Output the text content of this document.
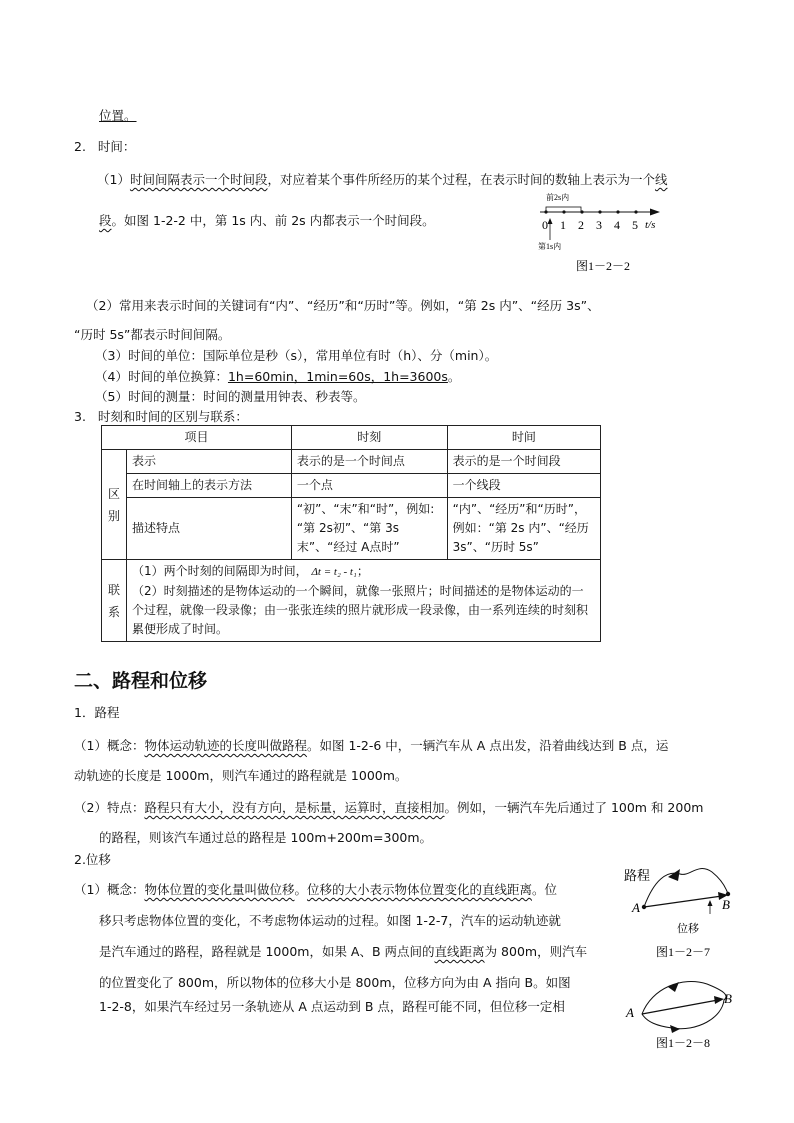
位置。
2. 时间：
（1）时间间隔表示一个时间段，对应着某个事件所经历的某个过程，在表示时间的数轴上表示为一个线
段。如图 1-2-2 中，第 1s 内、前 2s 内都表示一个时间段。
前2s内
0 1 2 3 4 5 t/s
第1s内
图1－2－2
（2）常用来表示时间的关键词有“内”、“经历”和“历时”等。例如，“第 2s 内”、“经历 3s”、
“历时 5s”都表示时间间隔。
（3）时间的单位：国际单位是秒（s），常用单位有时（h）、分（min）。
（4）时间的单位换算：1h=60min，1min=60s，1h=3600s。
（5）时间的测量：时间的测量用钟表、秒表等。
3. 时刻和时间的区别与联系：
项目		时刻	时间
区别	表示	表示的是一个时间点	表示的是一个时间段
	在时间轴上的表示方法	一个点	一个线段
	描述特点	“初”、“末”和“时”，例如: “第 2s初”、“第 3s末”、“经过 A点时”	“内”、“经历”和“历时”，例如：“第 2s 内”、“经历 3s”、“历时 5s”
联系	（1）两个时刻的间隔即为时间， Δt = t₂ - t₁；
（2）时刻描述的是物体运动的一个瞬间，就像一张照片；时间描述的是物体运动的一个过程，就像一段录像；由一张张连续的照片就形成一段录像，由一系列连续的时刻积累便形成了时间。		
二、路程和位移
1．路程
（1）概念：物体运动轨迹的长度叫做路程。如图 1-2-6 中，一辆汽车从 A 点出发，沿着曲线达到 B 点，运
动轨迹的长度是 1000m，则汽车通过的路程就是 1000m。
（2）特点：路程只有大小，没有方向，是标量，运算时，直接相加。例如，一辆汽车先后通过了 100m 和 200m
的路程，则该汽车通过总的路程是 100m+200m=300m。
2.位移
（1）概念：物体位置的变化量叫做位移。位移的大小表示物体位置变化的直线距离。位
移只考虑物体位置的变化，不考虑物体运动的过程。如图 1-2-7，汽车的运动轨迹就
是汽车通过的路程，路程就是 1000m，如果 A、B 两点间的直线距离为 800m，则汽车
的位置变化了 800m，所以物体的位移大小是 800m，位移方向为由 A 指向 B。如图
1-2-8，如果汽车经过另一条轨迹从 A 点运动到 B 点，路程可能不同，但位移一定相
路程
位移
A	B
图1－2－7
A
B
图1－2－8
